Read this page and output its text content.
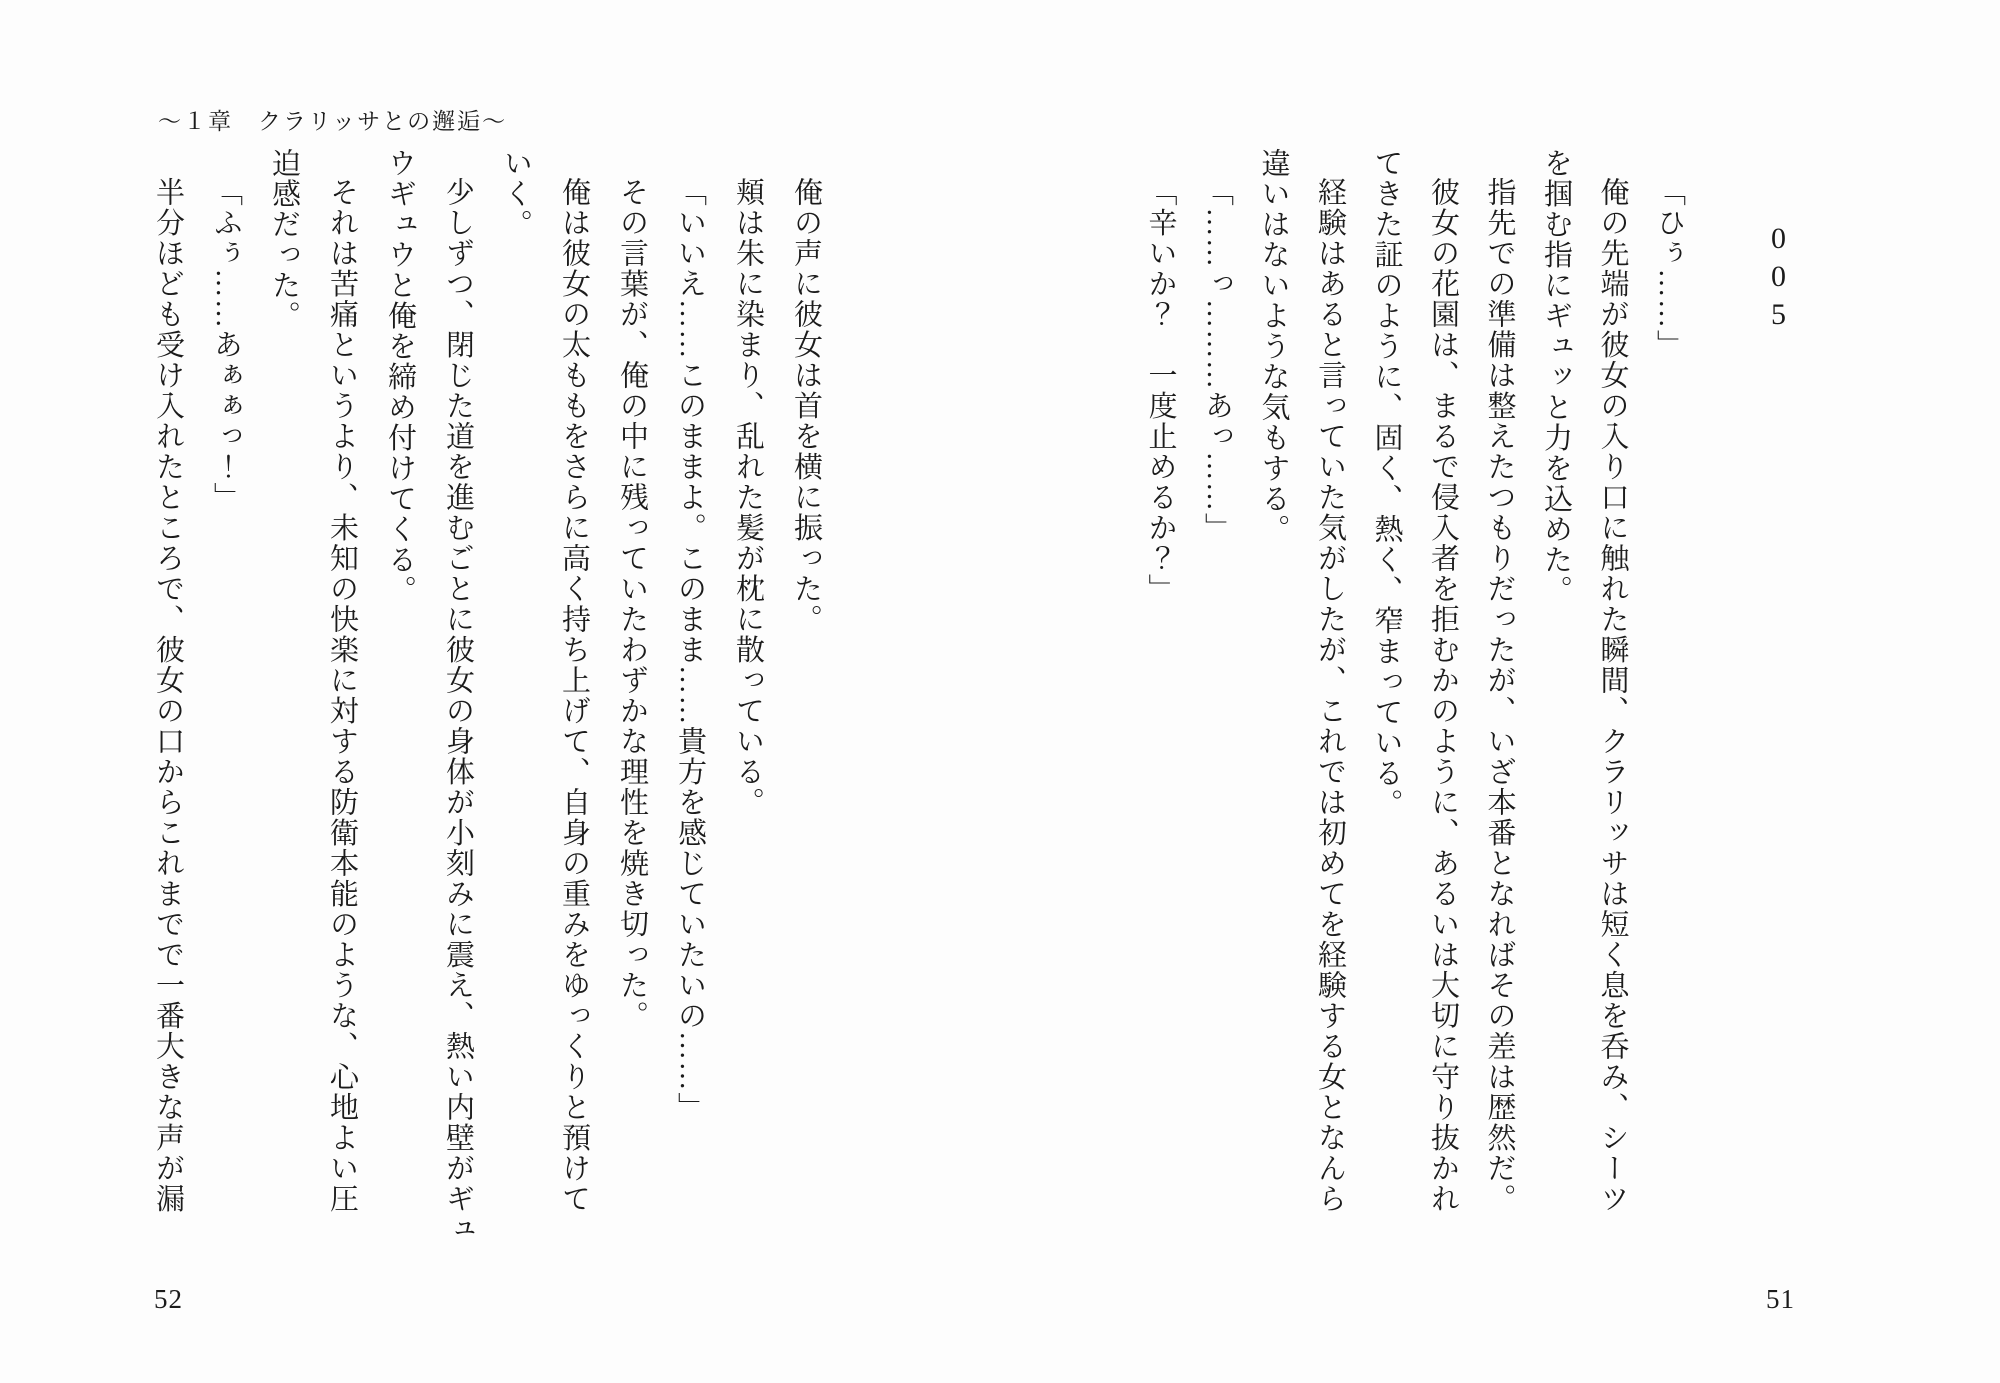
〜１章　クラリッサとの邂逅〜
005
「ひぅ……」
俺の先端が彼女の入り口に触れた瞬間、クラリッサは短く息を呑み、シーツ
を掴む指にギュッと力を込めた。
指先での準備は整えたつもりだったが、いざ本番となればその差は歴然だ。
彼女の花園は、まるで侵入者を拒むかのように、あるいは大切に守り抜かれ
てきた証のように、固く、熱く、窄まっている。
経験はあると言っていた気がしたが、これでは初めてを経験する女となんら
違いはないような気もする。
「……っ………あっ……」
「辛いか？　一度止めるか？」
俺の声に彼女は首を横に振った。
頬は朱に染まり、乱れた髪が枕に散っている。
「いいえ……このままよ。このまま……貴方を感じていたいの……」
その言葉が、俺の中に残っていたわずかな理性を焼き切った。
俺は彼女の太ももをさらに高く持ち上げて、自身の重みをゆっくりと預けて
いく。
少しずつ、閉じた道を進むごとに彼女の身体が小刻みに震え、熱い内壁がギュ
ウギュウと俺を締め付けてくる。
それは苦痛というより、未知の快楽に対する防衛本能のような、心地よい圧
迫感だった。
「ふぅ……あぁぁっ！」
半分ほども受け入れたところで、彼女の口からこれまでで一番大きな声が漏
51
52
